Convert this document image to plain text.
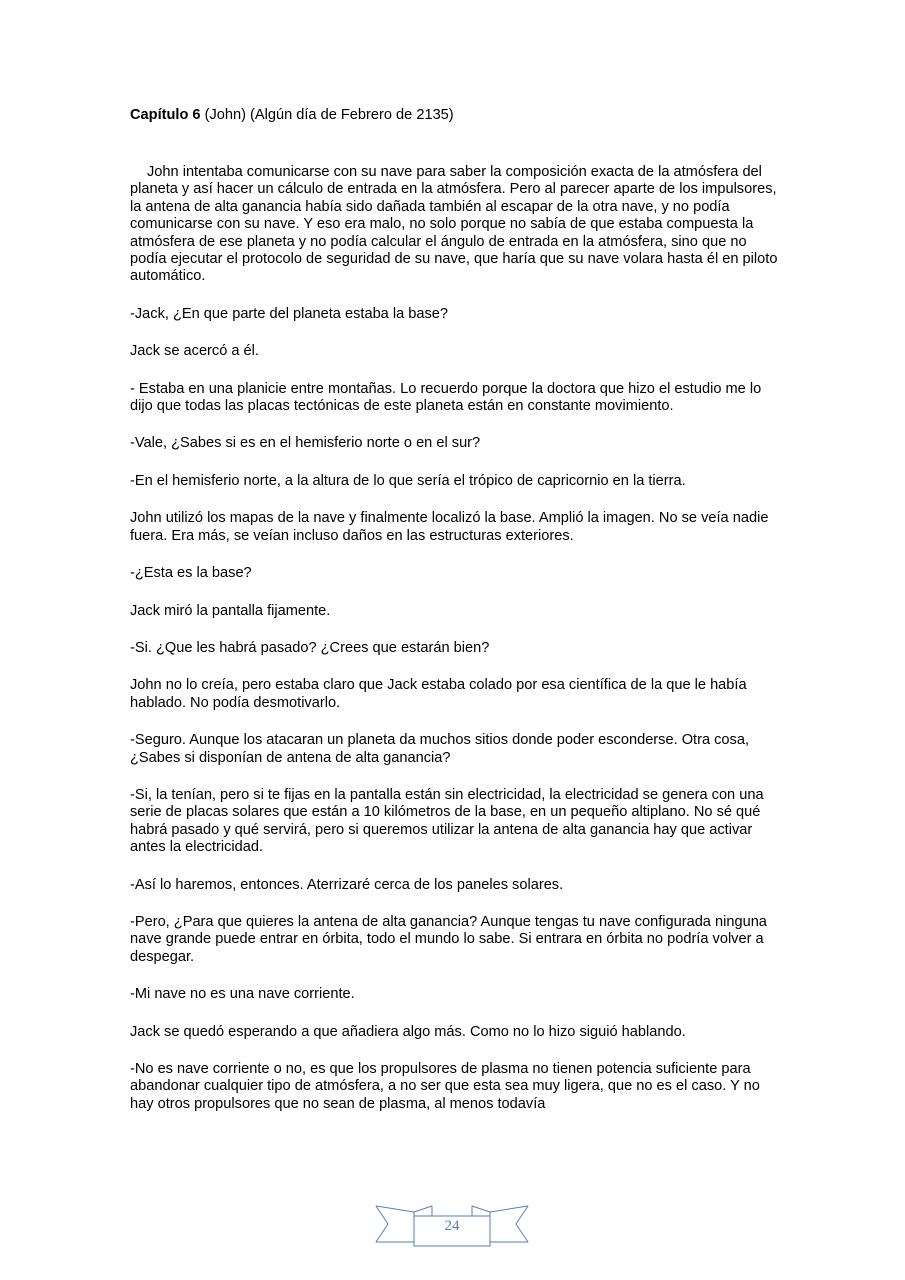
Capítulo 6 (John) (Algún día de Febrero de 2135)

John intentaba comunicarse con su nave para saber la composición exacta de la atmósfera del planeta y así hacer un cálculo de entrada en la atmósfera. Pero al parecer aparte de los impulsores, la antena de alta ganancia había sido dañada también al escapar de la otra nave, y no podía comunicarse con su nave. Y eso era malo, no solo porque no sabía de que estaba compuesta la atmósfera de ese planeta y no podía calcular el ángulo de entrada en la atmósfera, sino que no podía ejecutar el protocolo de seguridad de su nave, que haría que su nave volara hasta él en piloto automático.

-Jack, ¿En que parte del planeta estaba la base?

Jack se acercó a él.

- Estaba en una planicie entre montañas. Lo recuerdo porque la doctora que hizo el estudio me lo dijo que todas las placas tectónicas de este planeta están en constante movimiento.

-Vale, ¿Sabes si es en el hemisferio norte o en el sur?

-En el hemisferio norte, a la altura de lo que sería el trópico de capricornio en la tierra.

John utilizó los mapas de la nave y finalmente localizó la base. Amplió la imagen. No se veía nadie fuera. Era más, se veían incluso daños en las estructuras exteriores.

-¿Esta es la base?

Jack miró la pantalla fijamente.

-Si. ¿Que les habrá pasado? ¿Crees que estarán bien?

John no lo creía, pero estaba claro que Jack estaba colado por esa científica de la que le había hablado. No podía desmotivarlo.

-Seguro. Aunque los atacaran un planeta da muchos sitios donde poder esconderse. Otra cosa, ¿Sabes si disponían de antena de alta ganancia?

-Si, la tenían, pero si te fijas en la pantalla están sin electricidad, la electricidad se genera con una serie de placas solares que están a 10 kilómetros de la base, en un pequeño altiplano. No sé qué habrá pasado y qué servirá, pero si queremos utilizar la antena de alta ganancia hay que activar antes la electricidad.

-Así lo haremos, entonces. Aterrizaré cerca de los paneles solares.

-Pero, ¿Para que quieres la antena de alta ganancia? Aunque tengas tu nave configurada ninguna nave grande puede entrar en órbita, todo el mundo lo sabe. Si entrara en órbita no podría volver a despegar.

-Mi nave no es una nave corriente.

Jack se quedó esperando a que añadiera algo más. Como no lo hizo siguió hablando.

-No es nave corriente o no, es que los propulsores de plasma no tienen potencia suficiente para abandonar cualquier tipo de atmósfera, a no ser que esta sea muy ligera, que no es el caso. Y no hay otros propulsores que no sean de plasma, al menos todavía

24
